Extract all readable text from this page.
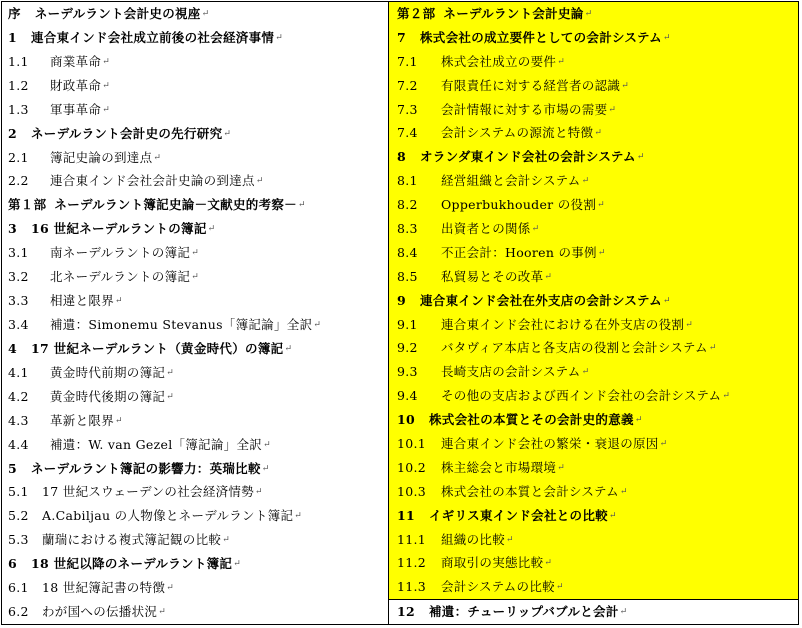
序	ネーデルラント会計史の視座 ↵
1	連合東インド会社成立前後の社会経済事情 ↵
1.1	商業革命 ↵
1.2	財政革命 ↵
1.3	軍事革命 ↵
2	ネーデルラント会計史の先行研究 ↵
2.1	簿記史論の到達点 ↵
2.2	連合東インド会社会計史論の到達点 ↵
第１部 ネーデルラント簿記史論－文献史的考察－ ↵
3	16 世紀ネーデルラントの簿記 ↵
3.1	南ネーデルラントの簿記 ↵
3.2	北ネーデルラントの簿記 ↵
3.3	相違と限界 ↵
3.4	補遺：Simonemu Stevanus「簿記論」全訳 ↵
4	17 世紀ネーデルラント（黄金時代）の簿記 ↵
4.1	黄金時代前期の簿記 ↵
4.2	黄金時代後期の簿記 ↵
4.3	革新と限界 ↵
4.4	補遺：W. van Gezel「簿記論」全訳 ↵
5	ネーデルラント簿記の影響力：英瑞比較 ↵
5.1	17 世紀スウェーデンの社会経済情勢 ↵
5.2	A.Cabiljau の人物像とネーデルラント簿記 ↵
5.3	蘭瑞における複式簿記観の比較 ↵
6	18 世紀以降のネーデルラント簿記 ↵
6.1	18 世紀簿記書の特徴 ↵
6.2	わが国への伝播状況 ↵
第２部 ネーデルラント会計史論 ↵
7	株式会社の成立要件としての会計システム ↵
7.1	株式会社成立の要件 ↵
7.2	有限責任に対する経営者の認識 ↵
7.3	会計情報に対する市場の需要 ↵
7.4	会計システムの源流と特徴 ↵
8	オランダ東インド会社の会計システム ↵
8.1	経営組織と会計システム ↵
8.2	Opperbukhouder の役割 ↵
8.3	出資者との関係 ↵
8.4	不正会計：Hooren の事例 ↵
8.5	私貿易とその改革 ↵
9	連合東インド会社在外支店の会計システム ↵
9.1	連合東インド会社における在外支店の役割 ↵
9.2	バタヴィア本店と各支店の役割と会計システム ↵
9.3	長崎支店の会計システム ↵
9.4	その他の支店および西インド会社の会計システム ↵
10	株式会社の本質とその会計史的意義 ↵
10.1	連合東インド会社の繁栄・衰退の原因 ↵
10.2	株主総会と市場環境 ↵
10.3	株式会社の本質と会計システム ↵
11	イギリス東インド会社との比較 ↵
11.1	組織の比較 ↵
11.2	商取引の実態比較 ↵
11.3	会計システムの比較 ↵
12	補遺：チューリップバブルと会計 ↵
